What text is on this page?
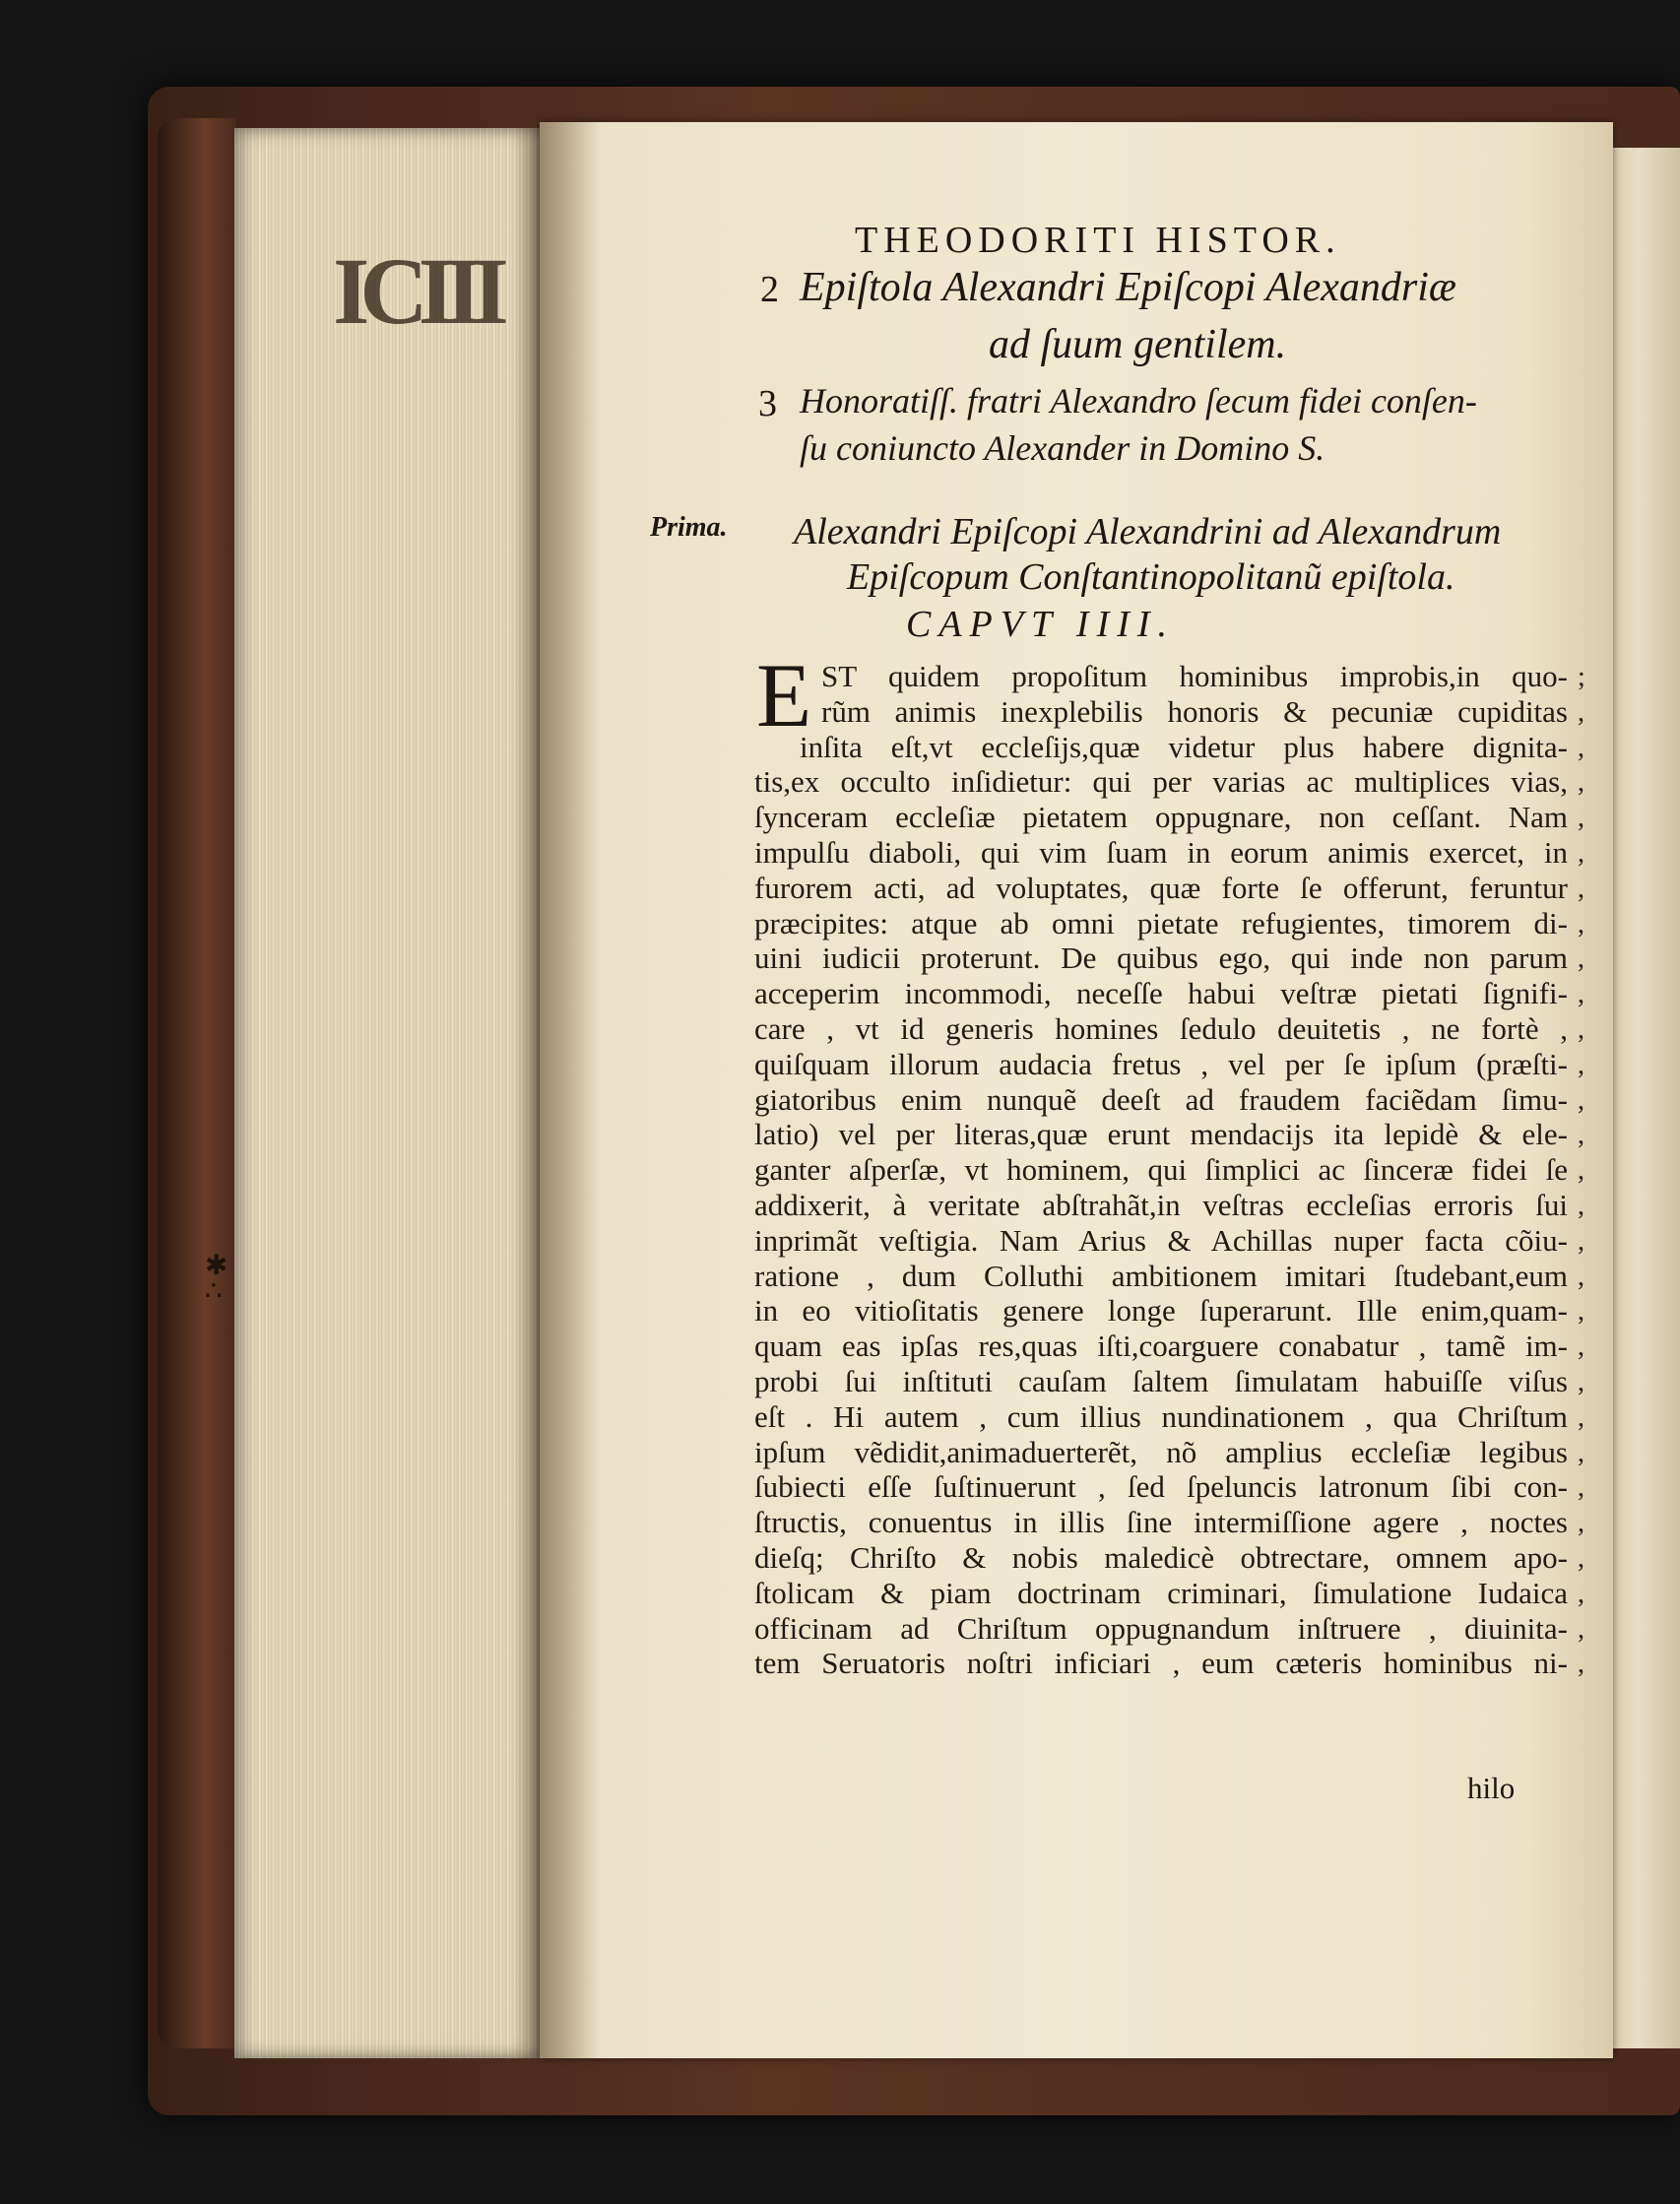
ICIII
✱
∴
THEODORITI HISTOR.
2 Epiſtola Alexandri Epiſcopi Alexandriæ
ad ſuum gentilem.
3 Honoratiſſ. fratri Alexandro ſecum fidei conſen-
ſu coniuncto Alexander in Domino S.
Prima. Alexandri Epiſcopi Alexandrini ad Alexandrum
Epiſcopum Conſtantinopolitanũ epiſtola.
CAPVT IIII.
E ST quidem propoſitum hominibus improbis,in quo-
rũm animis inexplebilis honoris & pecuniæ cupiditas
inſita eſt,vt eccleſijs,quæ videtur plus habere dignita-
tis,ex occulto inſidietur: qui per varias ac multiplices vias,
ſynceram eccleſiæ pietatem oppugnare, non ceſſant. Nam
impulſu diaboli, qui vim ſuam in eorum animis exercet, in
furorem acti, ad voluptates, quæ forte ſe offerunt, feruntur
præcipites: atque ab omni pietate refugientes, timorem di-
uini iudicii proterunt. De quibus ego, qui inde non parum
acceperim incommodi, neceſſe habui veſtræ pietati ſignifi-
care , vt id generis homines ſedulo deuitetis , ne fortè ,
quiſquam illorum audacia fretus , vel per ſe ipſum (præſti-
giatoribus enim nunquẽ deeſt ad fraudem faciẽdam ſimu-
latio) vel per literas,quæ erunt mendacijs ita lepidè & ele-
ganter aſperſæ, vt hominem, qui ſimplici ac ſinceræ fidei ſe
addixerit, à veritate abſtrahãt,in veſtras eccleſias erroris ſui
inprimãt veſtigia. Nam Arius & Achillas nuper facta cõiu-
ratione , dum Colluthi ambitionem imitari ſtudebant,eum
in eo vitioſitatis genere longe ſuperarunt. Ille enim,quam-
quam eas ipſas res,quas iſti,coarguere conabatur , tamẽ im-
probi ſui inſtituti cauſam ſaltem ſimulatam habuiſſe viſus
eſt . Hi autem , cum illius nundinationem , qua Chriſtum
ipſum vẽdidit,animaduerterẽt, nõ amplius eccleſiæ legibus
ſubiecti eſſe ſuſtinuerunt , ſed ſpeluncis latronum ſibi con-
ſtructis, conuentus in illis ſine intermiſſione agere , noctes
dieſq; Chriſto & nobis maledicè obtrectare, omnem apo-
ſtolicam & piam doctrinam criminari, ſimulatione Iudaica
officinam ad Chriſtum oppugnandum inſtruere , diuinita-
tem Seruatoris noſtri inficiari , eum cæteris hominibus ni-
;
,
,
,
,
,
,
,
,
,
,
,
,
,
,
,
,
,
,
,
,
,
,
,
,
,
,
,
,
hilo
